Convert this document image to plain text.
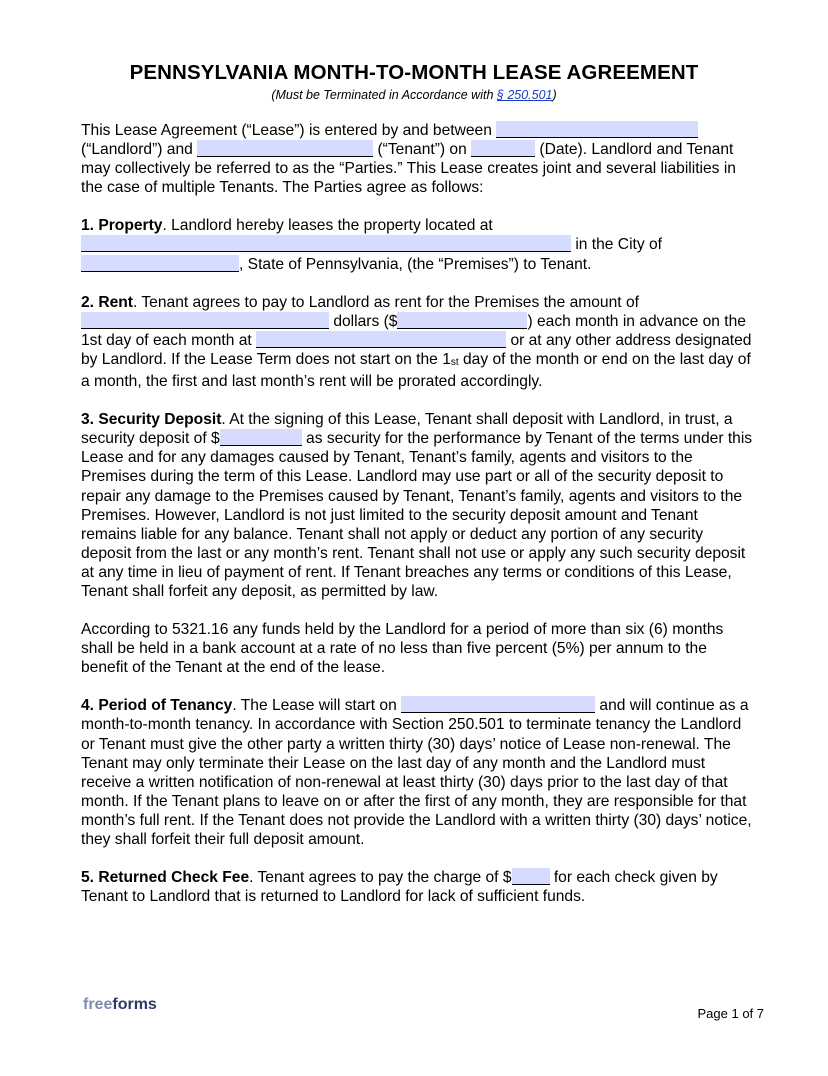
PENNSYLVANIA MONTH-TO-MONTH LEASE AGREEMENT
(Must be Terminated in Accordance with § 250.501)

This Lease Agreement (“Lease”) is entered by and between  (“Landlord”) and	(“Tenant”) on	(Date). Landlord and Tenant may collectively be referred to as the “Parties.” This Lease creates joint and several liabilities in the case of multiple Tenants. The Parties agree as follows:

1. Property. Landlord hereby leases the property located at  in the City of , State of Pennsylvania, (the “Premises”) to Tenant.

2. Rent. Tenant agrees to pay to Landlord as rent for the Premises the amount of  dollars ($	) each month in advance on the 1st day of each month at	or at any other address designated by Landlord. If the Lease Term does not start on the 1st day of the month or end on the last day of a month, the first and last month’s rent will be prorated accordingly.

3. Security Deposit. At the signing of this Lease, Tenant shall deposit with Landlord, in trust, a security deposit of $	as security for the performance by Tenant of the terms under this Lease and for any damages caused by Tenant, Tenant’s family, agents and visitors to the Premises during the term of this Lease. Landlord may use part or all of the security deposit to repair any damage to the Premises caused by Tenant, Tenant’s family, agents and visitors to the Premises. However, Landlord is not just limited to the security deposit amount and Tenant remains liable for any balance. Tenant shall not apply or deduct any portion of any security deposit from the last or any month’s rent. Tenant shall not use or apply any such security deposit at any time in lieu of payment of rent. If Tenant breaches any terms or conditions of this Lease, Tenant shall forfeit any deposit, as permitted by law.

According to 5321.16 any funds held by the Landlord for a period of more than six (6) months shall be held in a bank account at a rate of no less than five percent (5%) per annum to the benefit of the Tenant at the end of the lease.

4. Period of Tenancy. The Lease will start on	and will continue as a month-to-month tenancy. In accordance with Section 250.501 to terminate tenancy the Landlord or Tenant must give the other party a written thirty (30) days’ notice of Lease non-renewal. The Tenant may only terminate their Lease on the last day of any month and the Landlord must receive a written notification of non-renewal at least thirty (30) days prior to the last day of that month. If the Tenant plans to leave on or after the first of any month, they are responsible for that month’s full rent. If the Tenant does not provide the Landlord with a written thirty (30) days’ notice, they shall forfeit their full deposit amount.

5. Returned Check Fee. Tenant agrees to pay the charge of $ for each check given by Tenant to Landlord that is returned to Landlord for lack of sufficient funds.

freeforms
Page 1 of 7
